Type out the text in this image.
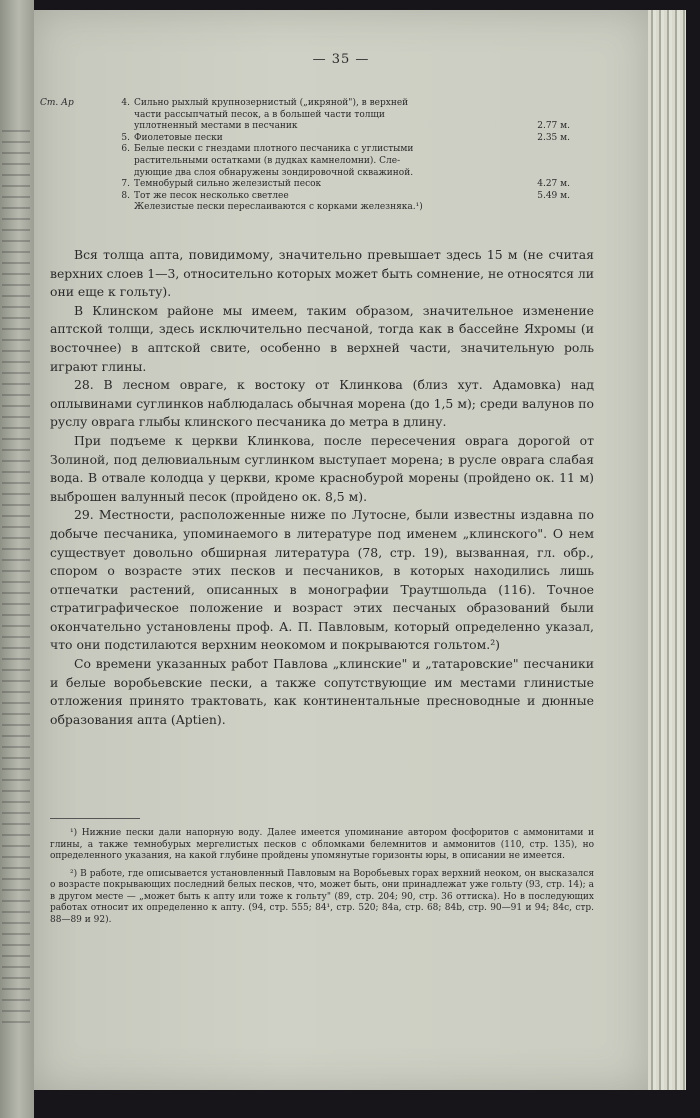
— 35 —
Ст. Ар	4. Сильно рыхлый крупнозернистый („икряной"), в верхней
части рассыпчатый песок, а в большей части толщи
уплотненный местами в песчаник	2.77 м.
5. Фиолетовые пески	2.35 м.
6. Белые пески с гнездами плотного песчаника с углистыми
растительными остатками (в дудках камнеломни). Сле-
дующие два слоя обнаружены зондировочной скважиной.
7. Темнобурый сильно железистый песок	4.27 м.
8. Тот же песок несколько светлее	5.49 м.
Железистые пески переслаиваются с корками железняка.¹)

Вся толща апта, повидимому, значительно превышает здесь 15 м (не считая верхних слоев 1—3, относительно которых может быть сомнение, не относятся ли они еще к гольту).

В Клинском районе мы имеем, таким образом, значительное изменение аптской толщи, здесь исключительно песчаной, тогда как в бассейне Яхромы (и восточнее) в аптской свите, особенно в верхней части, значительную роль играют глины.

28. В лесном овраге, к востоку от Клинкова (близ хут. Адамовка) над оплывинами суглинков наблюдалась обычная морена (до 1,5 м); среди валунов по руслу оврага глыбы клинского песчаника до метра в длину.

При подъеме к церкви Клинкова, после пересечения оврага дорогой от Золиной, под делювиальным суглинком выступает морена; в русле оврага слабая вода. В отвале колодца у церкви, кроме краснобурой морены (пройдено ок. 11 м) выброшен валунный песок (пройдено ок. 8,5 м).

29. Местности, расположенные ниже по Лутосне, были известны издавна по добыче песчаника, упоминаемого в литературе под именем „клинского". О нем существует довольно обширная литература (78, стр. 19), вызванная, гл. обр., спором о возрасте этих песков и песчаников, в которых находились лишь отпечатки растений, описанных в монографии Траутшольда (116). Точное стратиграфическое положение и возраст этих песчаных образований были окончательно установлены проф. А. П. Павловым, который определенно указал, что они подстилаются верхним неокомом и покрываются гольтом.²)

Со времени указанных работ Павлова „клинские" и „татаровские" песчаники и белые воробьевские пески, а также сопутствующие им местами глинистые отложения принято трактовать, как континентальные пресноводные и дюнные образования апта (Aptien).

¹) Нижние пески дали напорную воду. Далее имеется упоминание автором фосфоритов с аммонитами и глины, а также темнобурых мергелистых песков с обломками белемнитов и аммонитов (110, стр. 135), но определенного указания, на какой глубине пройдены упомянутые горизонты юры, в описании не имеется.

²) В работе, где описывается установленный Павловым на Воробьевых горах верхний неоком, он высказался о возрасте покрывающих последний белых песков, что, может быть, они принадлежат уже гольту (93, стр. 14); а в другом месте — „может быть к апту или тоже к гольту" (89, стр. 204; 90, стр. 36 оттиска). Но в последующих работах относит их определенно к апту. (94, стр. 555; 84¹, стр. 520; 84a, стр. 68; 84b, стр. 90—91 и 94; 84c, стр. 88—89 и 92).
